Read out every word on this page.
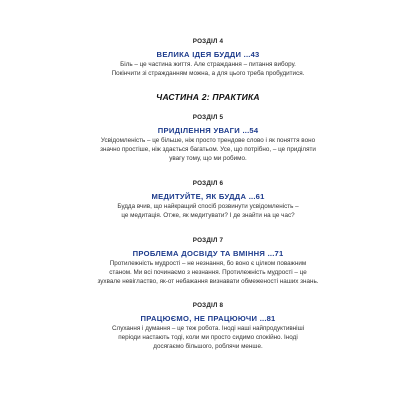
РОЗДІЛ 4
ВЕЛИКА ІДЕЯ БУДДИ ...43
Біль – це частина життя. Але страждання – питання вибору.
Покінчити зі стражданням можна, а для цього треба пробудитися.
ЧАСТИНА 2: ПРАКТИКА
РОЗДІЛ 5
ПРИДІЛЕННЯ УВАГИ ...54
Усвідомленість – це більше, ніж просто трендове слово і як поняття воно
значно простіше, ніж здається багатьом. Усе, що потрібно, – це приділяти
увагу тому, що ми робимо.
РОЗДІЛ 6
МЕДИТУЙТЕ, ЯК БУДДА ...61
Будда вчив, що найкращий спосіб розвинути усвідомленість –
це медитація. Отже, як медитувати? І де знайти на це час?
РОЗДІЛ 7
ПРОБЛЕМА ДОСВІДУ ТА ВМІННЯ ...71
Протилежність мудрості – не незнання, бо воно є цілком поважним
станом. Ми всі починаємо з незнання. Протилежність мудрості – це
зухвале невігластво, як-от небажання визнавати обмеженості наших знань.
РОЗДІЛ 8
ПРАЦЮЄМО, НЕ ПРАЦЮЮЧИ ...81
Слухання і думання – це теж робота. Іноді наші найпродуктивніші
періоди настають тоді, коли ми просто сидимо спокійно. Іноді
досягаємо більшого, роблячи менше.
